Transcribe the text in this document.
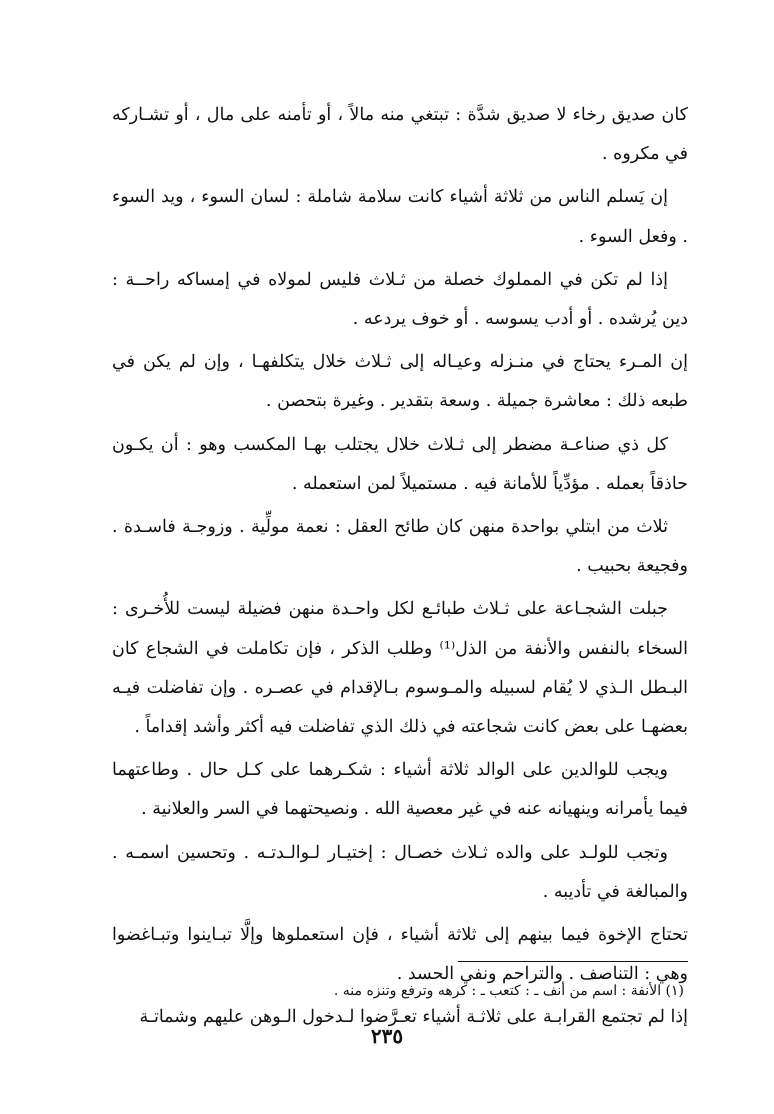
كان صديق رخاء لا صديق شدَّة : تبتغي منه مالاً ، أو تأمنه على مال ، أو تشـاركه في مكروه .

إن يَسلم الناس من ثلاثة أشياء كانت سلامة شاملة : لسان السوء ، ويد السوء . وفعل السوء .

إذا لم تكن في المملوك خصلة من ثـلاث فليس لمولاه في إمساكه راحــة : دين يُرشده . أو أدب يسوسه . أو خوف يردعه .

إن المـرء يحتاج في منـزله وعيـاله إلى ثـلاث خلال يتكلفهـا ، وإن لم يكن في طبعه ذلك : معاشرة جميلة . وسعة بتقدير . وغيرة بتحصن .

كل ذي صناعـة مضطر إلى ثـلاث خلال يجتلب بهـا المكسب وهو : أن يكـون حاذقاً بعمله . مؤدِّياً للأمانة فيه . مستميلاً لمن استعمله .

ثلاث من ابتلي بواحدة منهن كان طائح العقل : نعمة مولِّية . وزوجـة فاسـدة . وفجيعة بحبيب .

جبلت الشجـاعة على ثـلاث طبائـع لكل واحـدة منهن فضيلة ليست للأُخـرى : السخاء بالنفس والأنفة من الذل⁽¹⁾ وطلب الذكر ، فإن تكاملت في الشجاع كان البـطل الـذي لا يُقام لسبيله والمـوسوم بـالإقدام في عصـره . وإن تفاضلت فيـه بعضهـا على بعض كانت شجاعته في ذلك الذي تفاضلت فيه أكثر وأشد إقداماً .

ويجب للوالدين على الوالد ثلاثة أشياء : شكـرهما على كـل حال . وطاعتهما فيما يأمرانه وينهيانه عنه في غير معصية الله . ونصيحتهما في السر والعلانية .

وتجب للولـد على والده ثـلاث خصـال : إختيـار لـوالـدتـه . وتحسين اسمـه . والمبالغة في تأديبه .

تحتاج الإخوة فيما بينهم إلى ثلاثة أشياء ، فإن استعملوها وإلَّا تبـاينوا وتبـاغضوا وهي : التناصف . والتراحم ونفي الحسد .

إذا لم تجتمع القرابـة على ثلاثـة أشياء تعـرَّضوا لـدخول الـوهن عليهم وشماتـة

(١) الأنفة : اسم من أنف ـ : كتعب ـ : كرهه وترفع وتنزه منه .
٢٣٥
